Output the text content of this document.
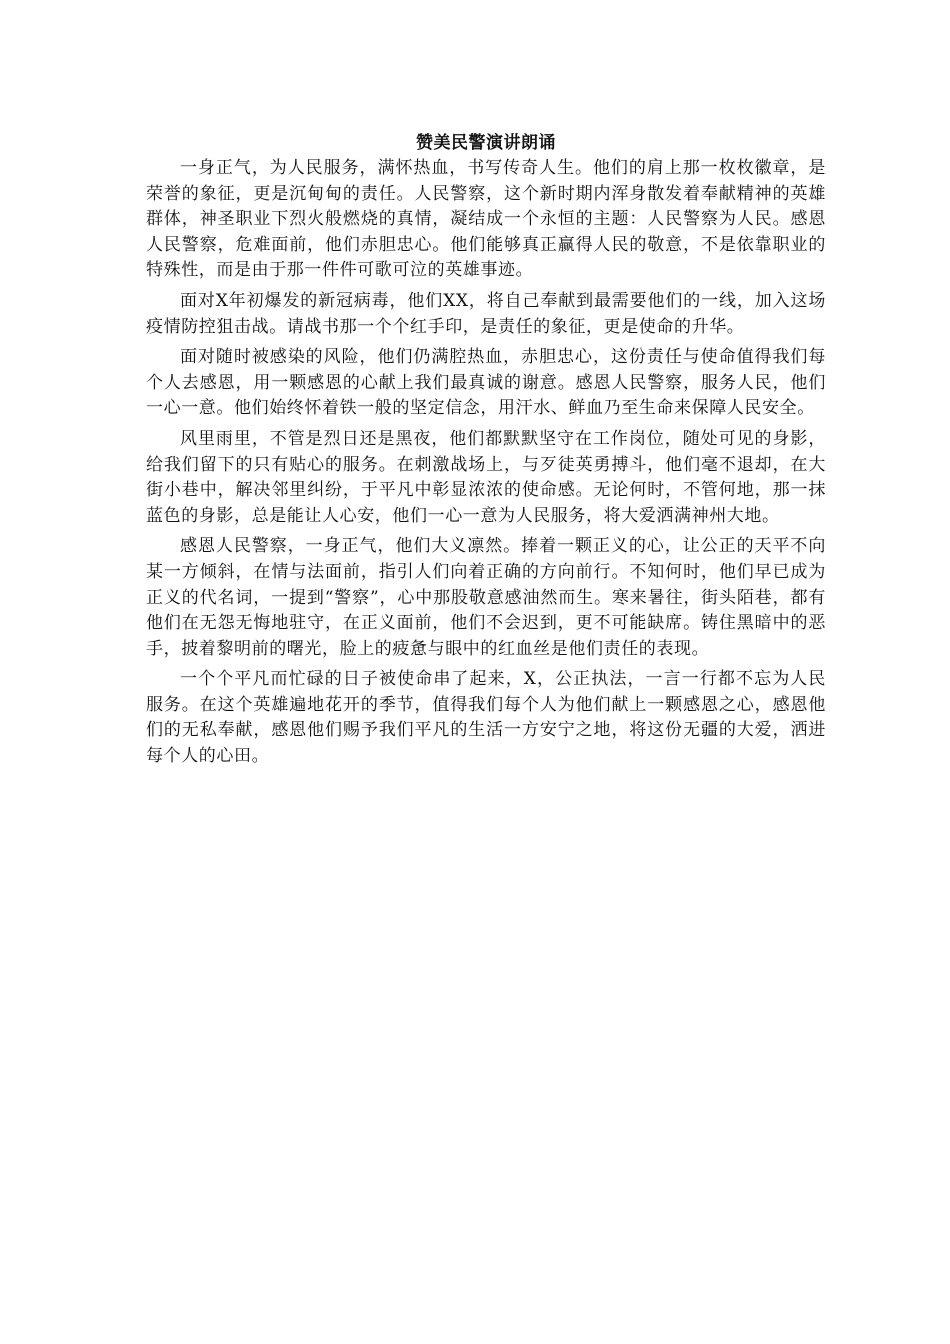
赞美民警演讲朗诵

一身正气，为人民服务，满怀热血，书写传奇人生。他们的肩上那一枚枚徽章，是荣誉的象征，更是沉甸甸的责任。人民警察，这个新时期内浑身散发着奉献精神的英雄群体，神圣职业下烈火般燃烧的真情，凝结成一个永恒的主题：人民警察为人民。感恩人民警察，危难面前，他们赤胆忠心。他们能够真正赢得人民的敬意，不是依靠职业的特殊性，而是由于那一件件可歌可泣的英雄事迹。

面对X年初爆发的新冠病毒，他们XX，将自己奉献到最需要他们的一线，加入这场疫情防控狙击战。请战书那一个个红手印，是责任的象征，更是使命的升华。

面对随时被感染的风险，他们仍满腔热血，赤胆忠心，这份责任与使命值得我们每个人去感恩，用一颗感恩的心献上我们最真诚的谢意。感恩人民警察，服务人民，他们一心一意。他们始终怀着铁一般的坚定信念，用汗水、鲜血乃至生命来保障人民安全。

风里雨里，不管是烈日还是黑夜，他们都默默坚守在工作岗位，随处可见的身影，给我们留下的只有贴心的服务。在刺激战场上，与歹徒英勇搏斗，他们毫不退却，在大街小巷中，解决邻里纠纷，于平凡中彰显浓浓的使命感。无论何时，不管何地，那一抹蓝色的身影，总是能让人心安，他们一心一意为人民服务，将大爱洒满神州大地。

感恩人民警察，一身正气，他们大义凛然。捧着一颗正义的心，让公正的天平不向某一方倾斜，在情与法面前，指引人们向着正确的方向前行。不知何时，他们早已成为正义的代名词，一提到“警察”，心中那股敬意感油然而生。寒来暑往，街头陌巷，都有他们在无怨无悔地驻守，在正义面前，他们不会迟到，更不可能缺席。铸住黑暗中的恶手，披着黎明前的曙光，脸上的疲惫与眼中的红血丝是他们责任的表现。

一个个平凡而忙碌的日子被使命串了起来，X，公正执法，一言一行都不忘为人民服务。在这个英雄遍地花开的季节，值得我们每个人为他们献上一颗感恩之心，感恩他们的无私奉献，感恩他们赐予我们平凡的生活一方安宁之地，将这份无疆的大爱，洒进每个人的心田。
